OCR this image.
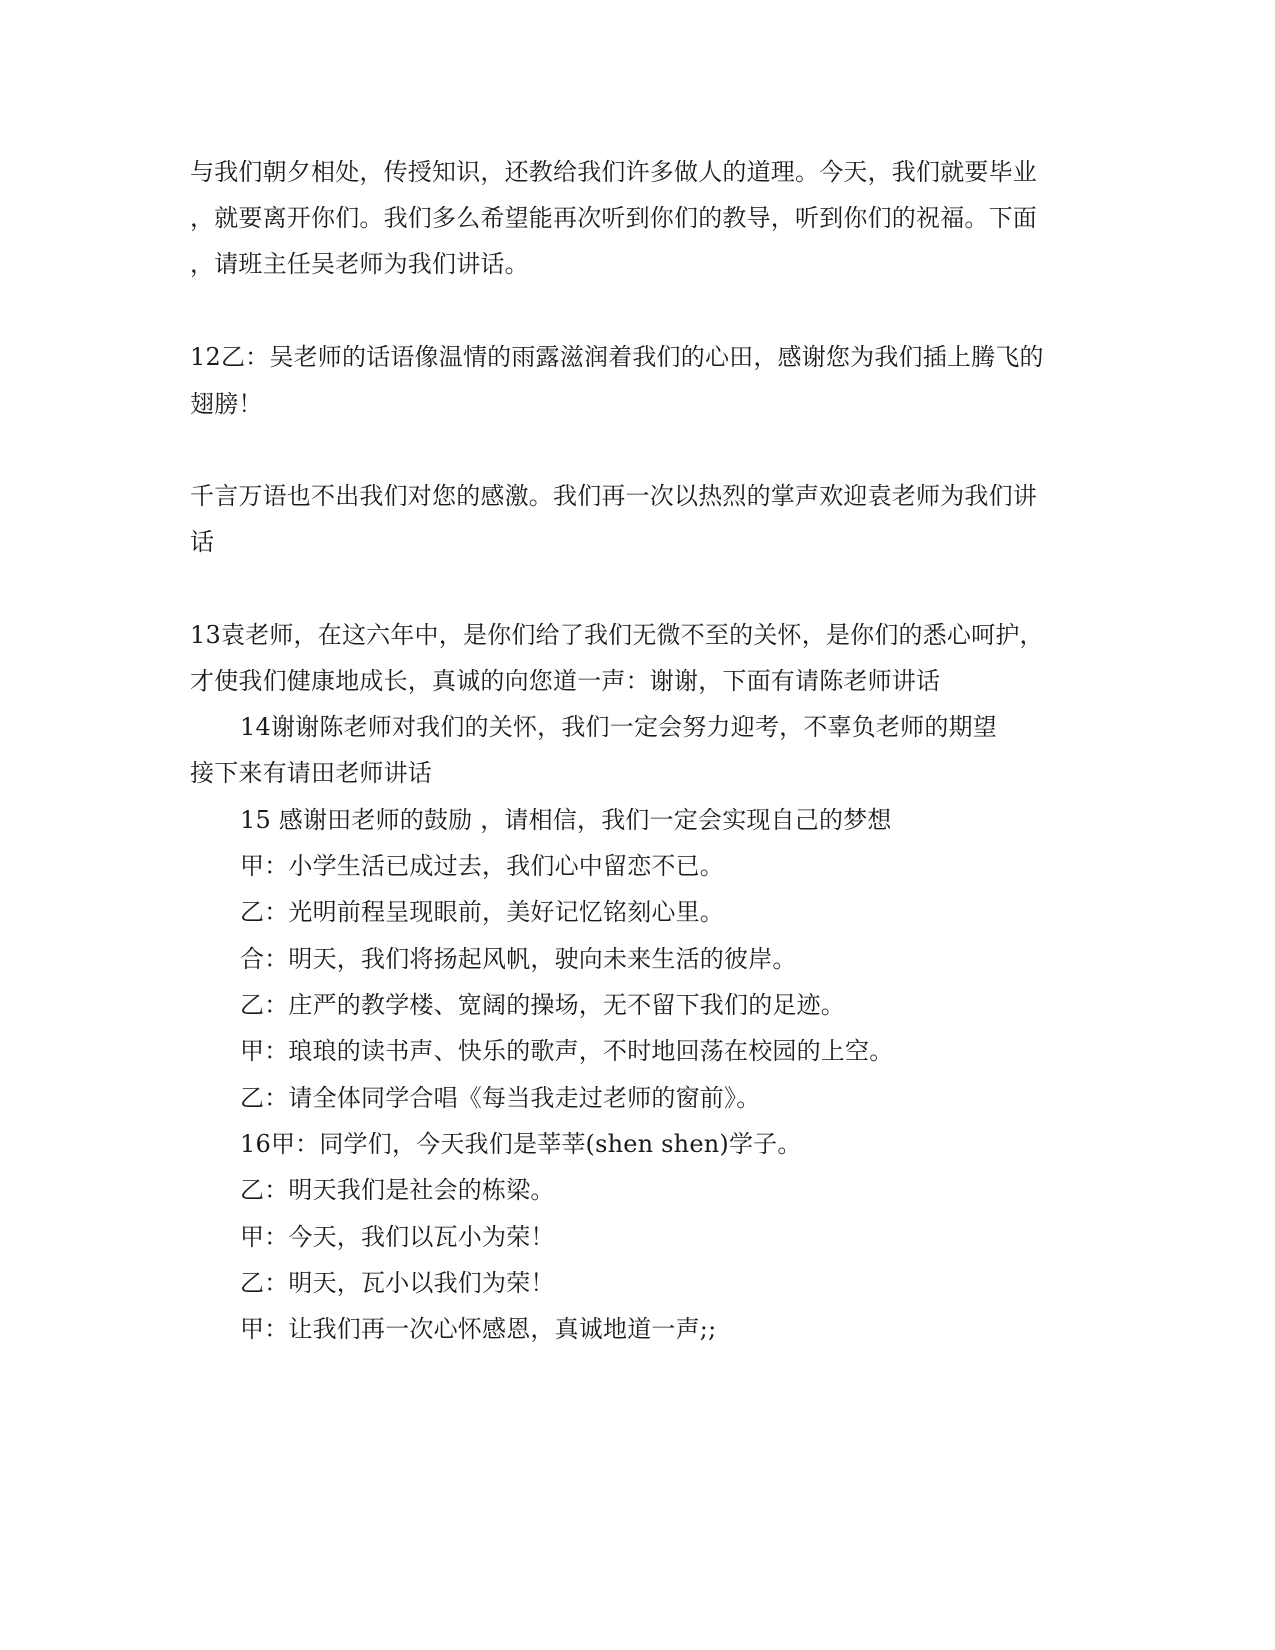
与我们朝夕相处，传授知识，还教给我们许多做人的道理。今天，我们就要毕业
，就要离开你们。我们多么希望能再次听到你们的教导，听到你们的祝福。下面
，请班主任吴老师为我们讲话。
12乙：吴老师的话语像温情的雨露滋润着我们的心田，感谢您为我们插上腾飞的
翅膀！
千言万语也不出我们对您的感激。我们再一次以热烈的掌声欢迎袁老师为我们讲
话
13袁老师，在这六年中，是你们给了我们无微不至的关怀，是你们的悉心呵护，
才使我们健康地成长，真诚的向您道一声：谢谢，下面有请陈老师讲话
14谢谢陈老师对我们的关怀，我们一定会努力迎考，不辜负老师的期望
接下来有请田老师讲话
15 感谢田老师的鼓励 ，请相信，我们一定会实现自己的梦想
甲：小学生活已成过去，我们心中留恋不已。
乙：光明前程呈现眼前，美好记忆铭刻心里。
合：明天，我们将扬起风帆，驶向未来生活的彼岸。
乙：庄严的教学楼、宽阔的操场，无不留下我们的足迹。
甲：琅琅的读书声、快乐的歌声，不时地回荡在校园的上空。
乙：请全体同学合唱《每当我走过老师的窗前》。
16甲：同学们，今天我们是莘莘(shen shen)学子。
乙：明天我们是社会的栋梁。
甲：今天，我们以瓦小为荣！
乙：明天，瓦小以我们为荣！
甲：让我们再一次心怀感恩，真诚地道一声;;
